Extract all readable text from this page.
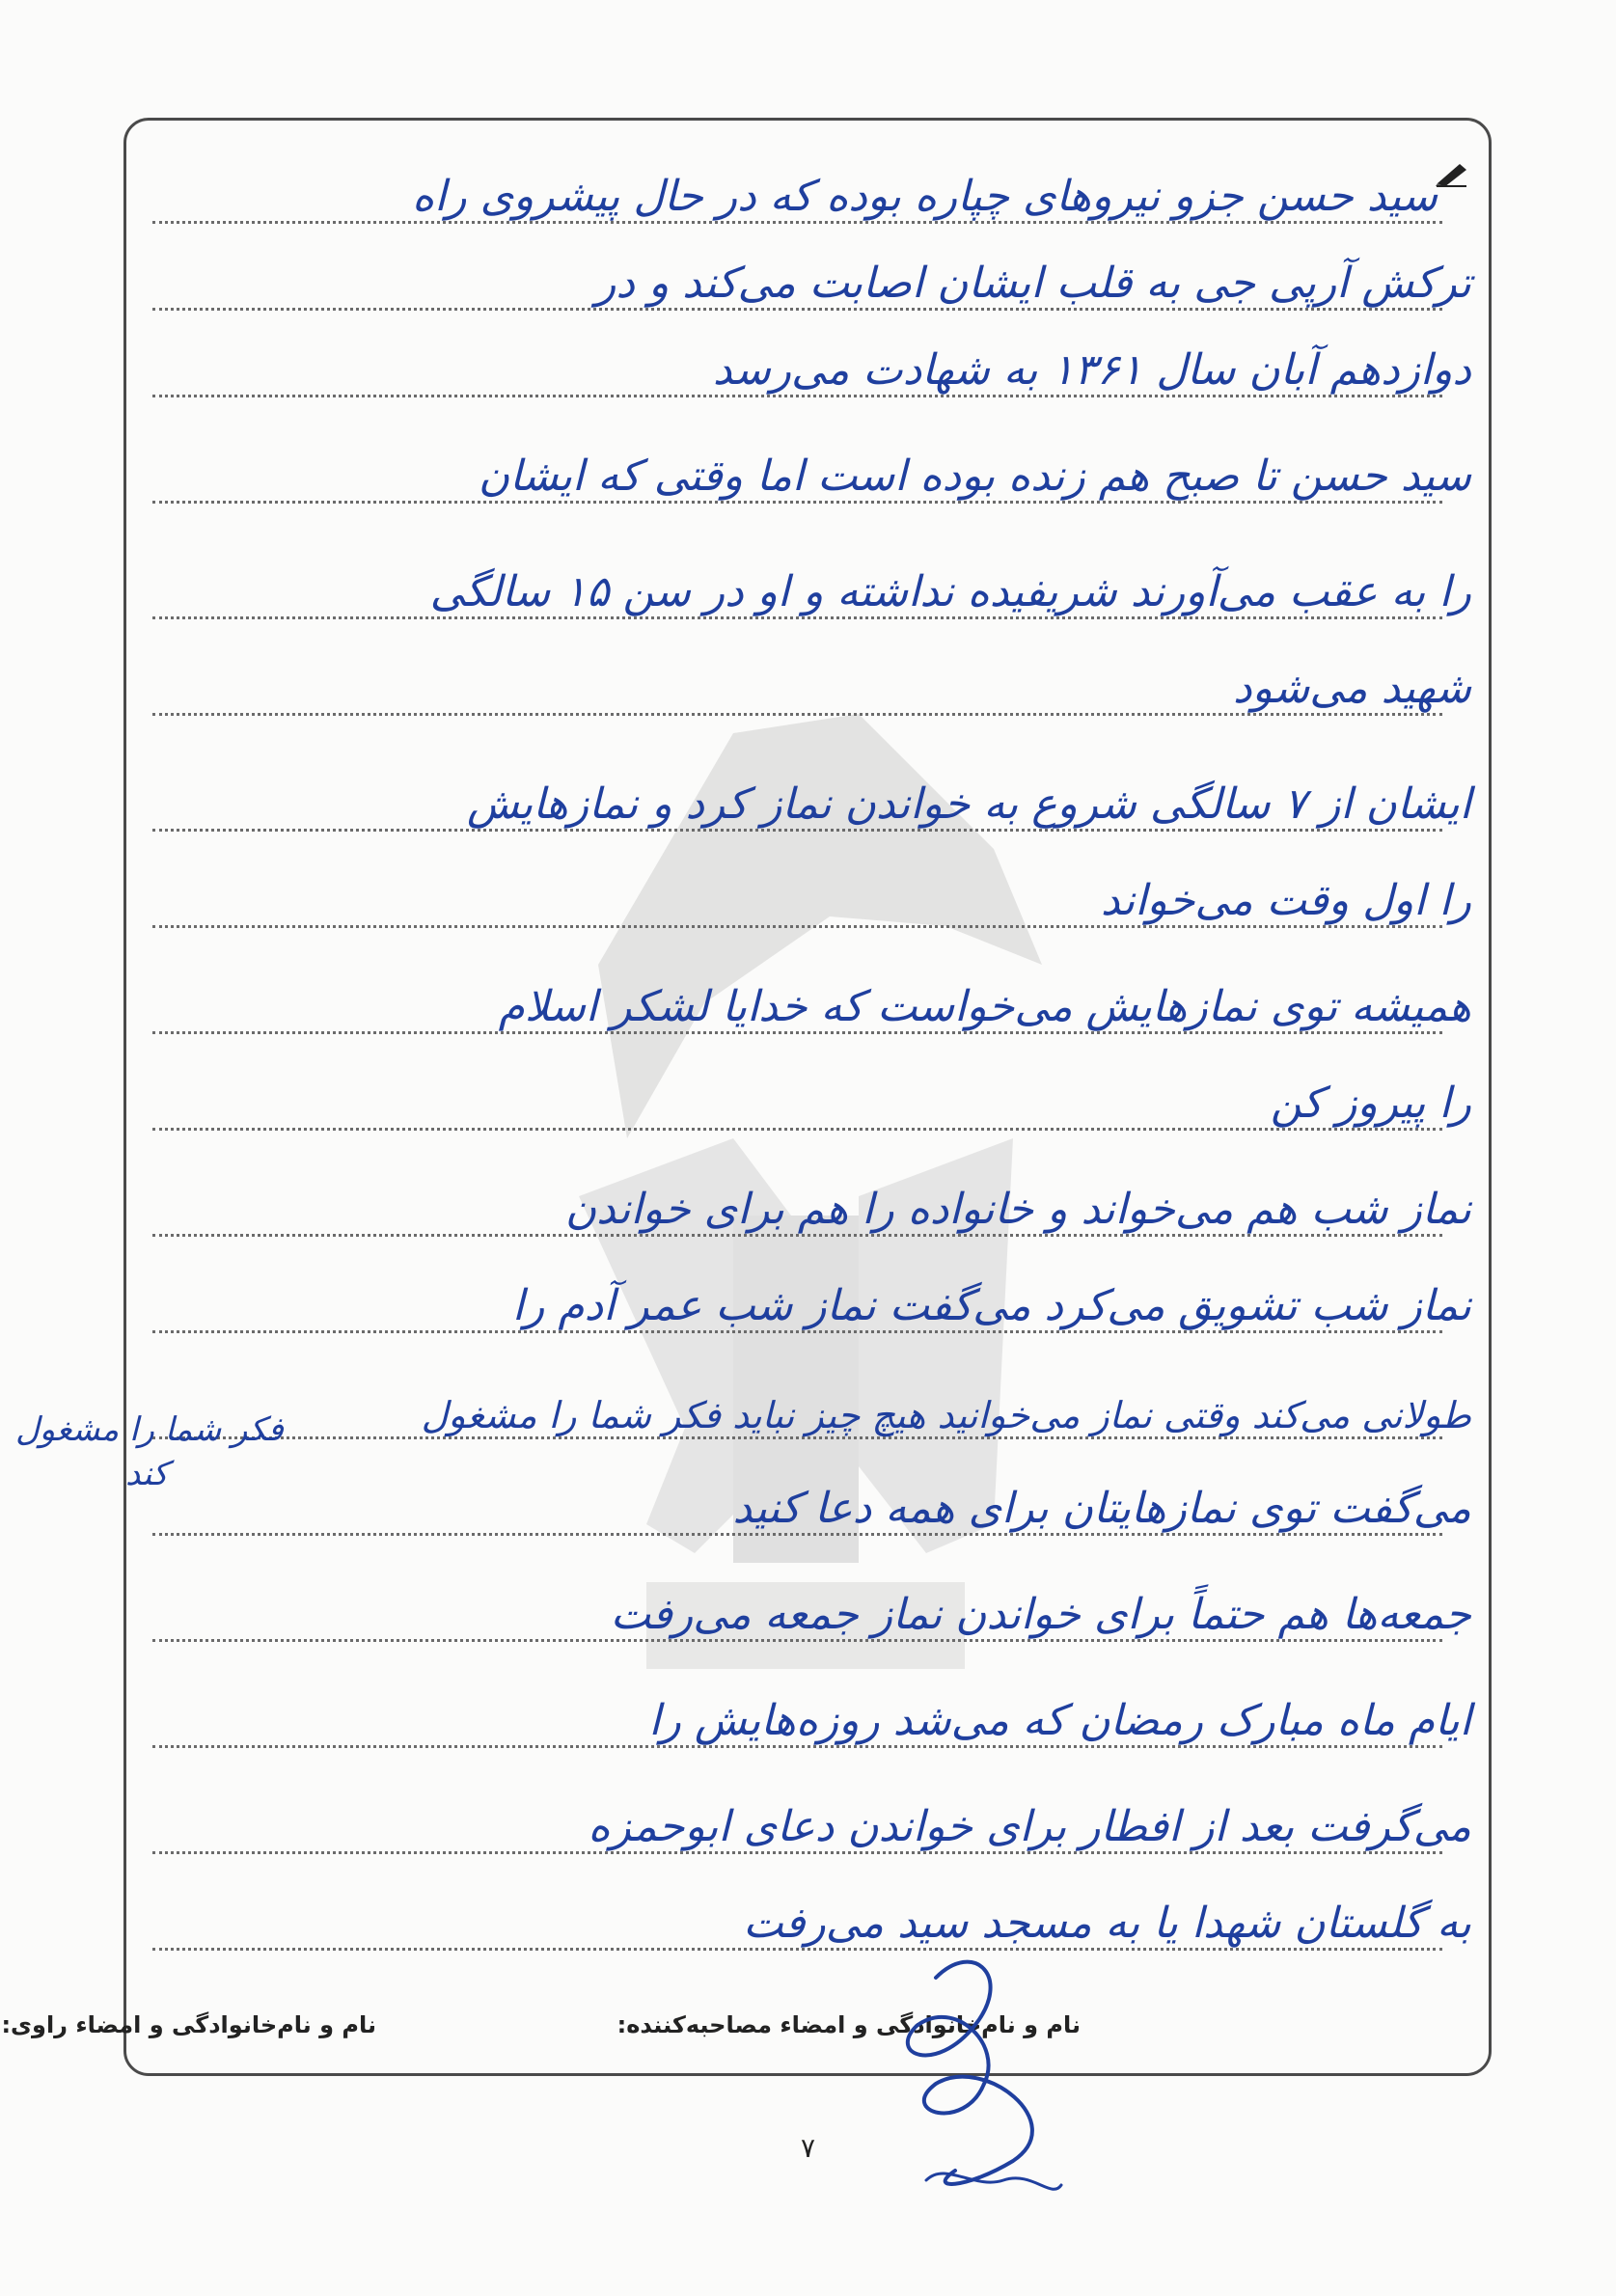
سید حسن جزو نیروهای چپاره بوده که در حال پیشروی راه
ترکش آرپی جی به قلب ایشان اصابت می‌کند و در
دوازدهم آبان سال ۱۳۶۱ به شهادت می‌رسد
سید حسن تا صبح هم زنده بوده است اما وقتی که ایشان
را به عقب می‌آورند شریفیده نداشته و او در سن ۱۵ سالگی
شهید می‌شود
ایشان از ۷ سالگی شروع به خواندن نماز کرد و نمازهایش
را اول وقت می‌خواند
همیشه توی نمازهایش می‌خواست که خدایا لشکر اسلام
را پیروز کن
نماز شب هم می‌خواند و خانواده را هم برای خواندن
نماز شب تشویق می‌کرد می‌گفت نماز شب عمر آدم را
طولانی می‌کند وقتی نماز می‌خوانید هیچ چیز نباید فکر شما را مشغول
می‌گفت توی نمازهایتان برای همه دعا کنید
جمعه‌ها هم حتماً برای خواندن نماز جمعه می‌رفت
ایام ماه مبارک رمضان که می‌شد روزه‌هایش را
می‌گرفت بعد از افطار برای خواندن دعای ابوحمزه
به گلستان شهدا یا به مسجد سید می‌رفت
فکر شما را مشغول
کند
نام و نام‌خانوادگی و امضاء مصاحبه‌کننده:
نام و نام‌خانوادگی و امضاء راوی:
۷
